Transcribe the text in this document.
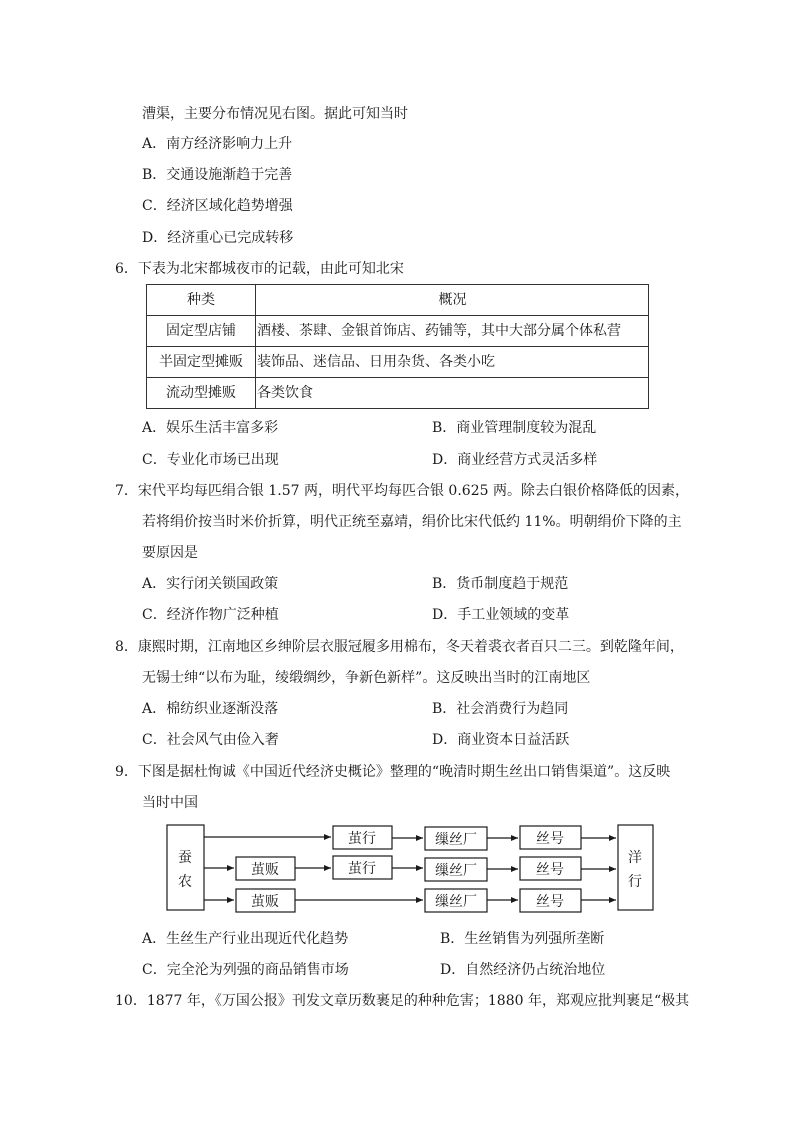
漕渠，主要分布情况见右图。据此可知当时
A．南方经济影响力上升
B．交通设施渐趋于完善
C．经济区域化趋势增强
D．经济重心已完成转移
6．下表为北宋都城夜市的记载，由此可知北宋
种类	概况
固定型店铺	酒楼、茶肆、金银首饰店、药铺等，其中大部分属个体私营
半固定型摊贩	装饰品、迷信品、日用杂货、各类小吃
流动型摊贩	各类饮食
A．娱乐生活丰富多彩	B．商业管理制度较为混乱
C．专业化市场已出现	D．商业经营方式灵活多样
7．宋代平均每匹绢合银 1.57 两，明代平均每匹合银 0.625 两。除去白银价格降低的因素，
若将绢价按当时米价折算，明代正统至嘉靖，绢价比宋代低约 11%。明朝绢价下降的主
要原因是
A．实行闭关锁国政策	B．货币制度趋于规范
C．经济作物广泛种植	D．手工业领域的变革
8．康熙时期，江南地区乡绅阶层衣服冠履多用棉布，冬天着裘衣者百只二三。到乾隆年间，
无锡士绅“以布为耻，绫缎绸纱，争新色新样”。这反映出当时的江南地区
A．棉纺织业逐渐没落	B．社会消费行为趋同
C．社会风气由俭入奢	D．商业资本日益活跃
9．下图是据杜恂诚《中国近代经济史概论》整理的“晚清时期生丝出口销售渠道”。这反映
当时中国
蚕
农
洋
行
茧行	缫丝厂	丝号
茧贩	茧行	缫丝厂	丝号
茧贩	缫丝厂	丝号
A．生丝生产行业出现近代化趋势	B．生丝销售为列强所垄断
C．完全沦为列强的商品销售市场	D．自然经济仍占统治地位
10．1877 年，《万国公报》刊发文章历数裹足的种种危害；1880 年，郑观应批判裹足“极其
